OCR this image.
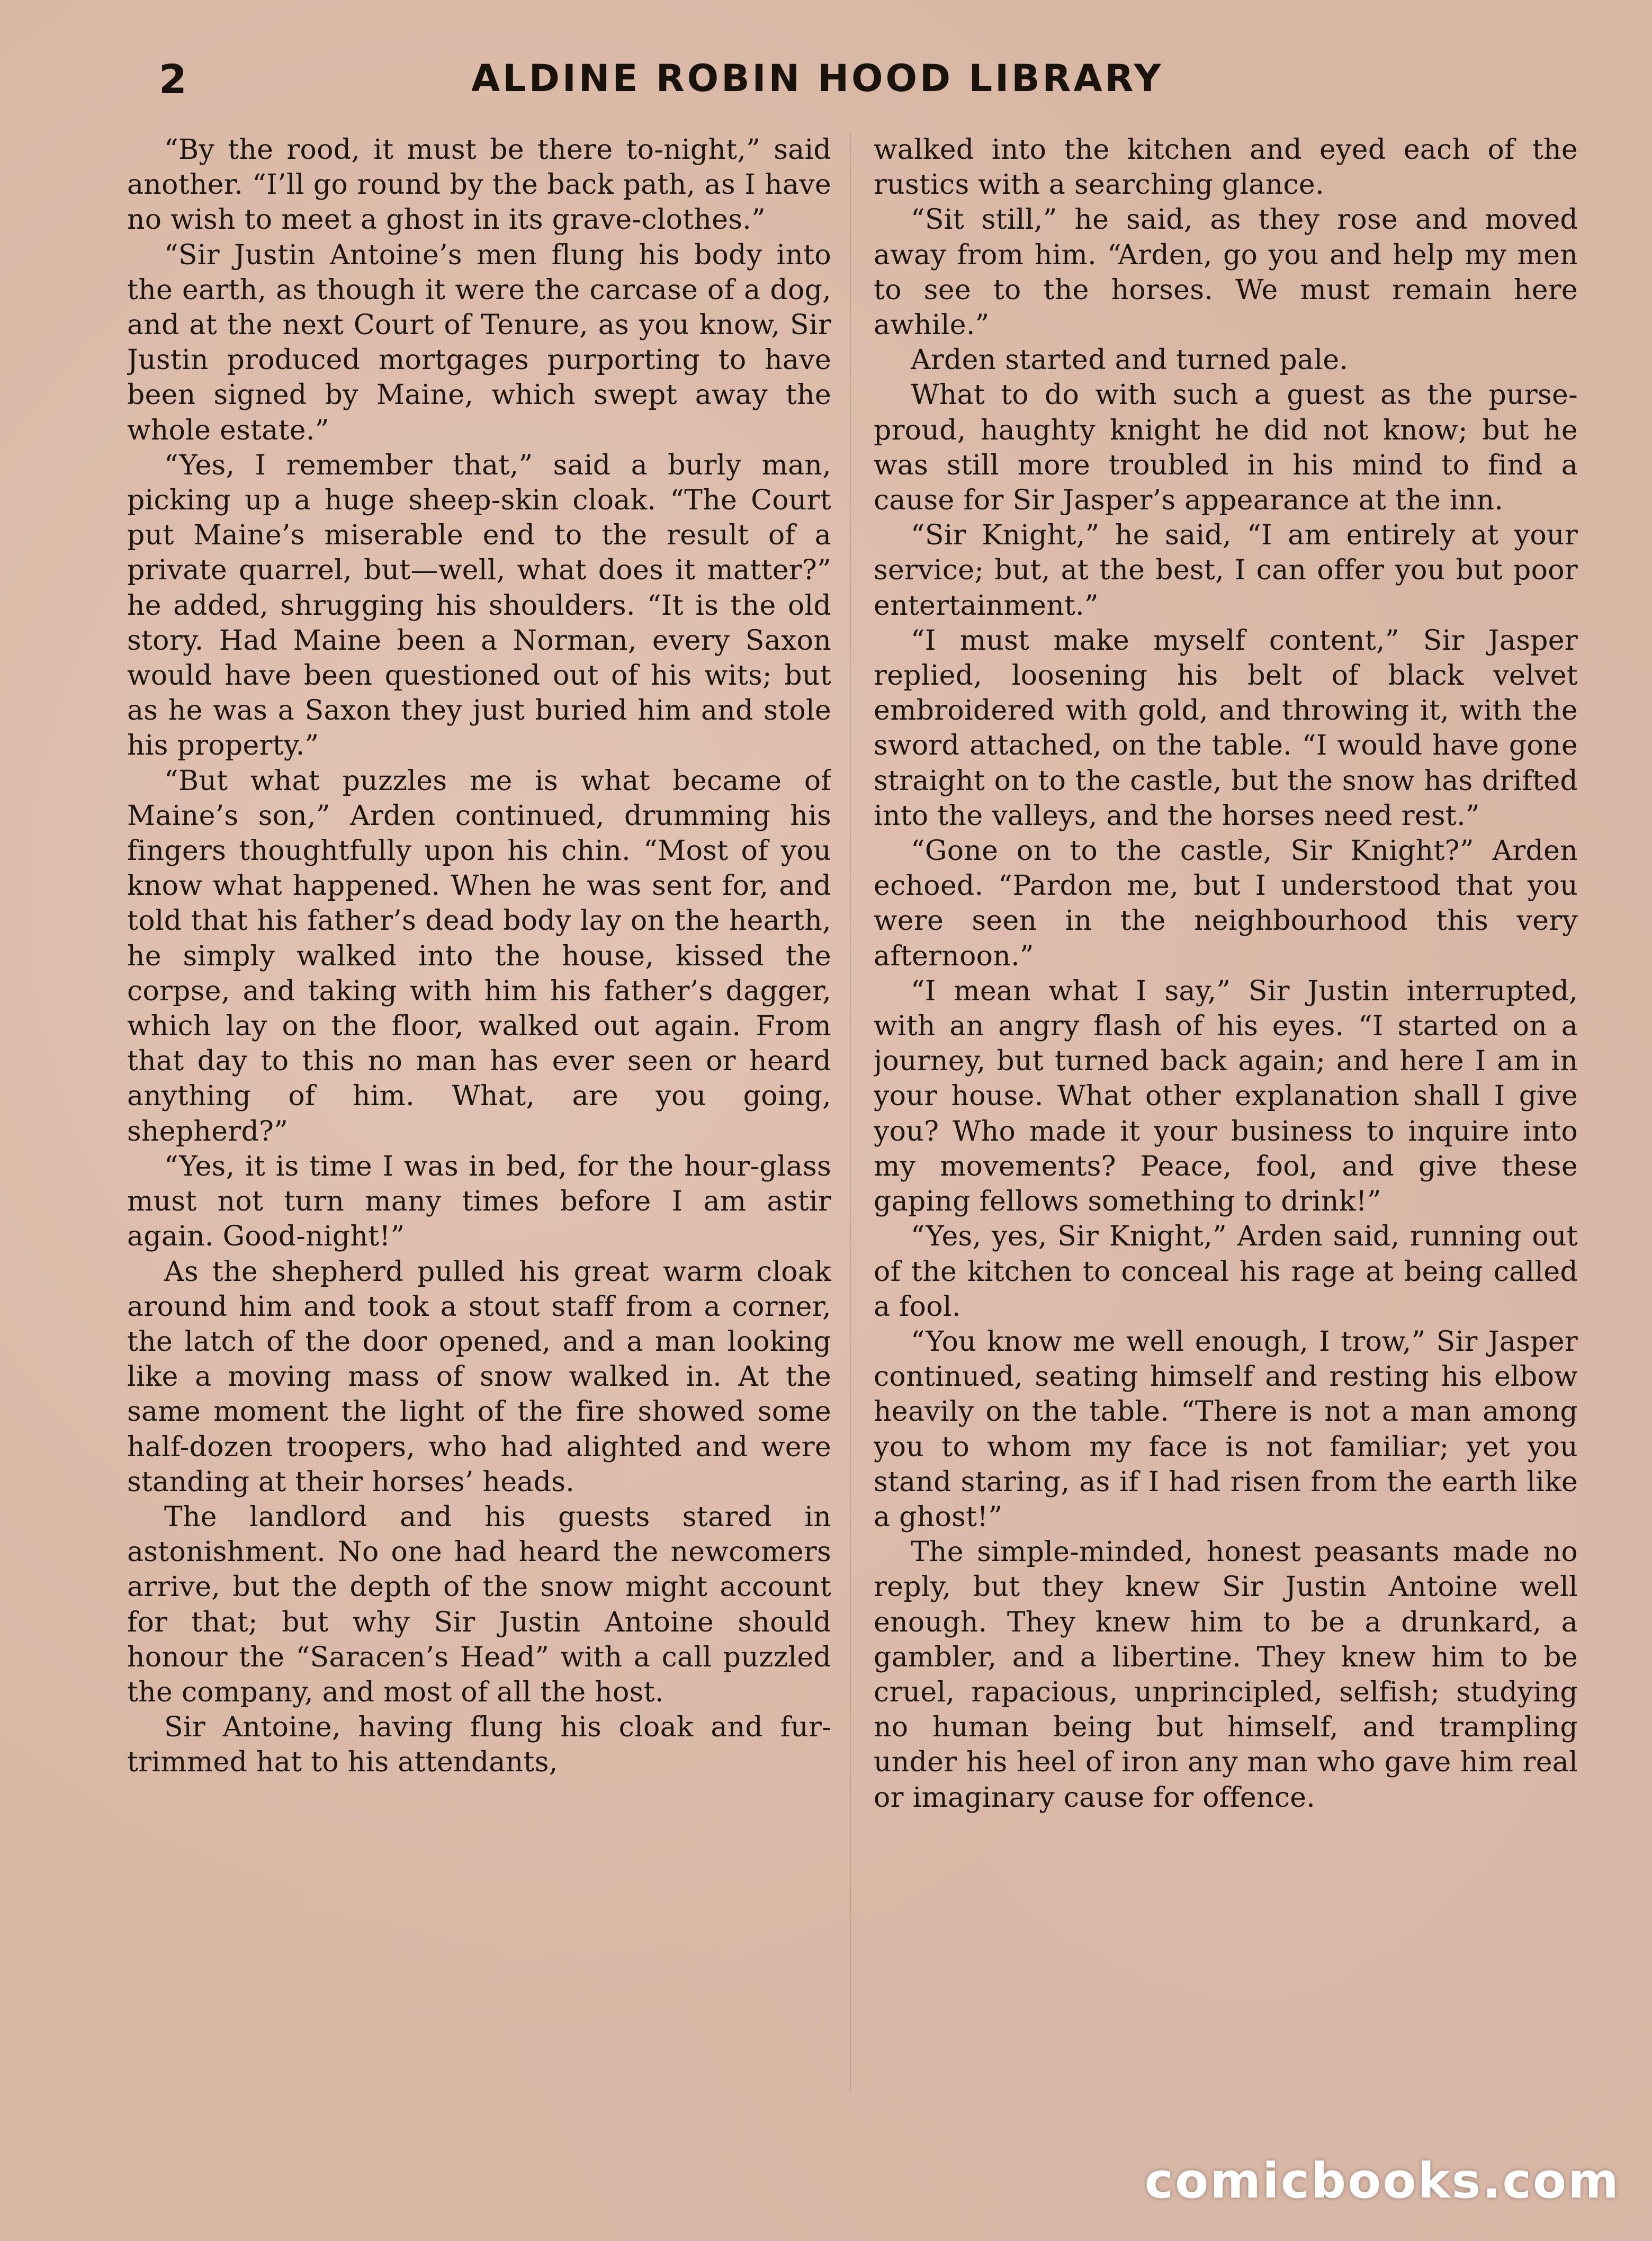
2	ALDINE ROBIN HOOD LIBRARY

“By the rood, it must be there to-night,” said another. “I’ll go round by the back path, as I have no wish to meet a ghost in its grave-clothes.”

“Sir Justin Antoine’s men flung his body into the earth, as though it were the carcase of a dog, and at the next Court of Tenure, as you know, Sir Justin produced mortgages purporting to have been signed by Maine, which swept away the whole estate.”

“Yes, I remember that,” said a burly man, picking up a huge sheep-skin cloak. “The Court put Maine’s miserable end to the result of a private quarrel, but—well, what does it matter?” he added, shrugging his shoulders. “It is the old story. Had Maine been a Norman, every Saxon would have been questioned out of his wits; but as he was a Saxon they just buried him and stole his property.”

“But what puzzles me is what became of Maine’s son,” Arden continued, drumming his fingers thoughtfully upon his chin. “Most of you know what happened. When he was sent for, and told that his father’s dead body lay on the hearth, he simply walked into the house, kissed the corpse, and taking with him his father’s dagger, which lay on the floor, walked out again. From that day to this no man has ever seen or heard anything of him. What, are you going, shepherd?”

“Yes, it is time I was in bed, for the hour-glass must not turn many times before I am astir again. Good-night!”

As the shepherd pulled his great warm cloak around him and took a stout staff from a corner, the latch of the door opened, and a man looking like a moving mass of snow walked in. At the same moment the light of the fire showed some half-dozen troopers, who had alighted and were standing at their horses’ heads.

The landlord and his guests stared in astonishment. No one had heard the newcomers arrive, but the depth of the snow might account for that; but why Sir Justin Antoine should honour the “Saracen’s Head” with a call puzzled the company, and most of all the host.

Sir Antoine, having flung his cloak and fur-trimmed hat to his attendants,

walked into the kitchen and eyed each of the rustics with a searching glance.

“Sit still,” he said, as they rose and moved away from him. “Arden, go you and help my men to see to the horses. We must remain here awhile.”

Arden started and turned pale.

What to do with such a guest as the purse-proud, haughty knight he did not know; but he was still more troubled in his mind to find a cause for Sir Jasper’s appearance at the inn.

“Sir Knight,” he said, “I am entirely at your service; but, at the best, I can offer you but poor entertainment.”

“I must make myself content,” Sir Jasper replied, loosening his belt of black velvet embroidered with gold, and throwing it, with the sword attached, on the table. “I would have gone straight on to the castle, but the snow has drifted into the valleys, and the horses need rest.”

“Gone on to the castle, Sir Knight?” Arden echoed. “Pardon me, but I understood that you were seen in the neighbourhood this very afternoon.”

“I mean what I say,” Sir Justin interrupted, with an angry flash of his eyes. “I started on a journey, but turned back again; and here I am in your house. What other explanation shall I give you? Who made it your business to inquire into my movements? Peace, fool, and give these gaping fellows something to drink!”

“Yes, yes, Sir Knight,” Arden said, running out of the kitchen to conceal his rage at being called a fool.

“You know me well enough, I trow,” Sir Jasper continued, seating himself and resting his elbow heavily on the table. “There is not a man among you to whom my face is not familiar; yet you stand staring, as if I had risen from the earth like a ghost!”

The simple-minded, honest peasants made no reply, but they knew Sir Justin Antoine well enough. They knew him to be a drunkard, a gambler, and a libertine. They knew him to be cruel, rapacious, unprincipled, selfish; studying no human being but himself, and trampling under his heel of iron any man who gave him real or imaginary cause for offence.

comicbooks.com
